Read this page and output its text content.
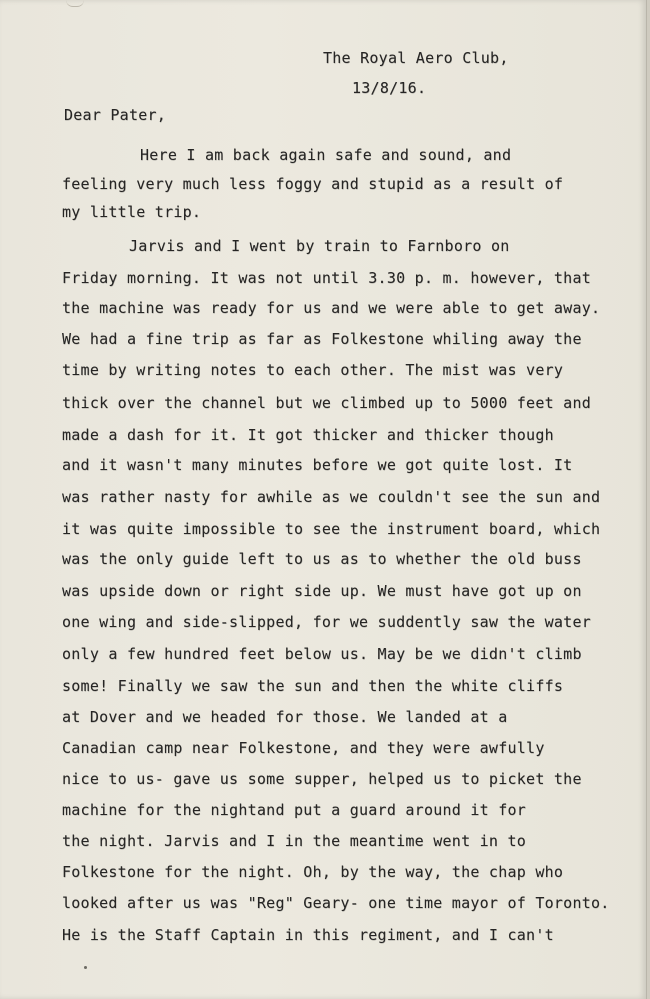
The Royal Aero Club,
13/8/16.
Dear Pater,
Here I am back again safe and sound, and
feeling very much less foggy and stupid as a result of
my little trip.
Jarvis and I went by train to Farnboro on
Friday morning. It was not until 3.30 p. m. however, that
the machine was ready for us and we were able to get away.
We had a fine trip as far as Folkestone whiling away the
time by writing notes to each other. The mist was very
thick over the channel but we climbed up to 5000 feet and
made a dash for it. It got thicker and thicker though
and it wasn't many minutes before we got quite lost. It
was rather nasty for awhile as we couldn't see the sun and
it was quite impossible to see the instrument board, which
was the only guide left to us as to whether the old buss
was upside down or right side up. We must have got up on
one wing and side-slipped, for we suddently saw the water
only a few hundred feet below us. May be we didn't climb
some! Finally we saw the sun and then the white cliffs
at Dover and we headed for those. We landed at a
Canadian camp near Folkestone, and they were awfully
nice to us- gave us some supper, helped us to picket the
machine for the nightand put a guard around it for
the night. Jarvis and I in the meantime went in to
Folkestone for the night. Oh, by the way, the chap who
looked after us was "Reg" Geary- one time mayor of Toronto.
He is the Staff Captain in this regiment, and I can't
